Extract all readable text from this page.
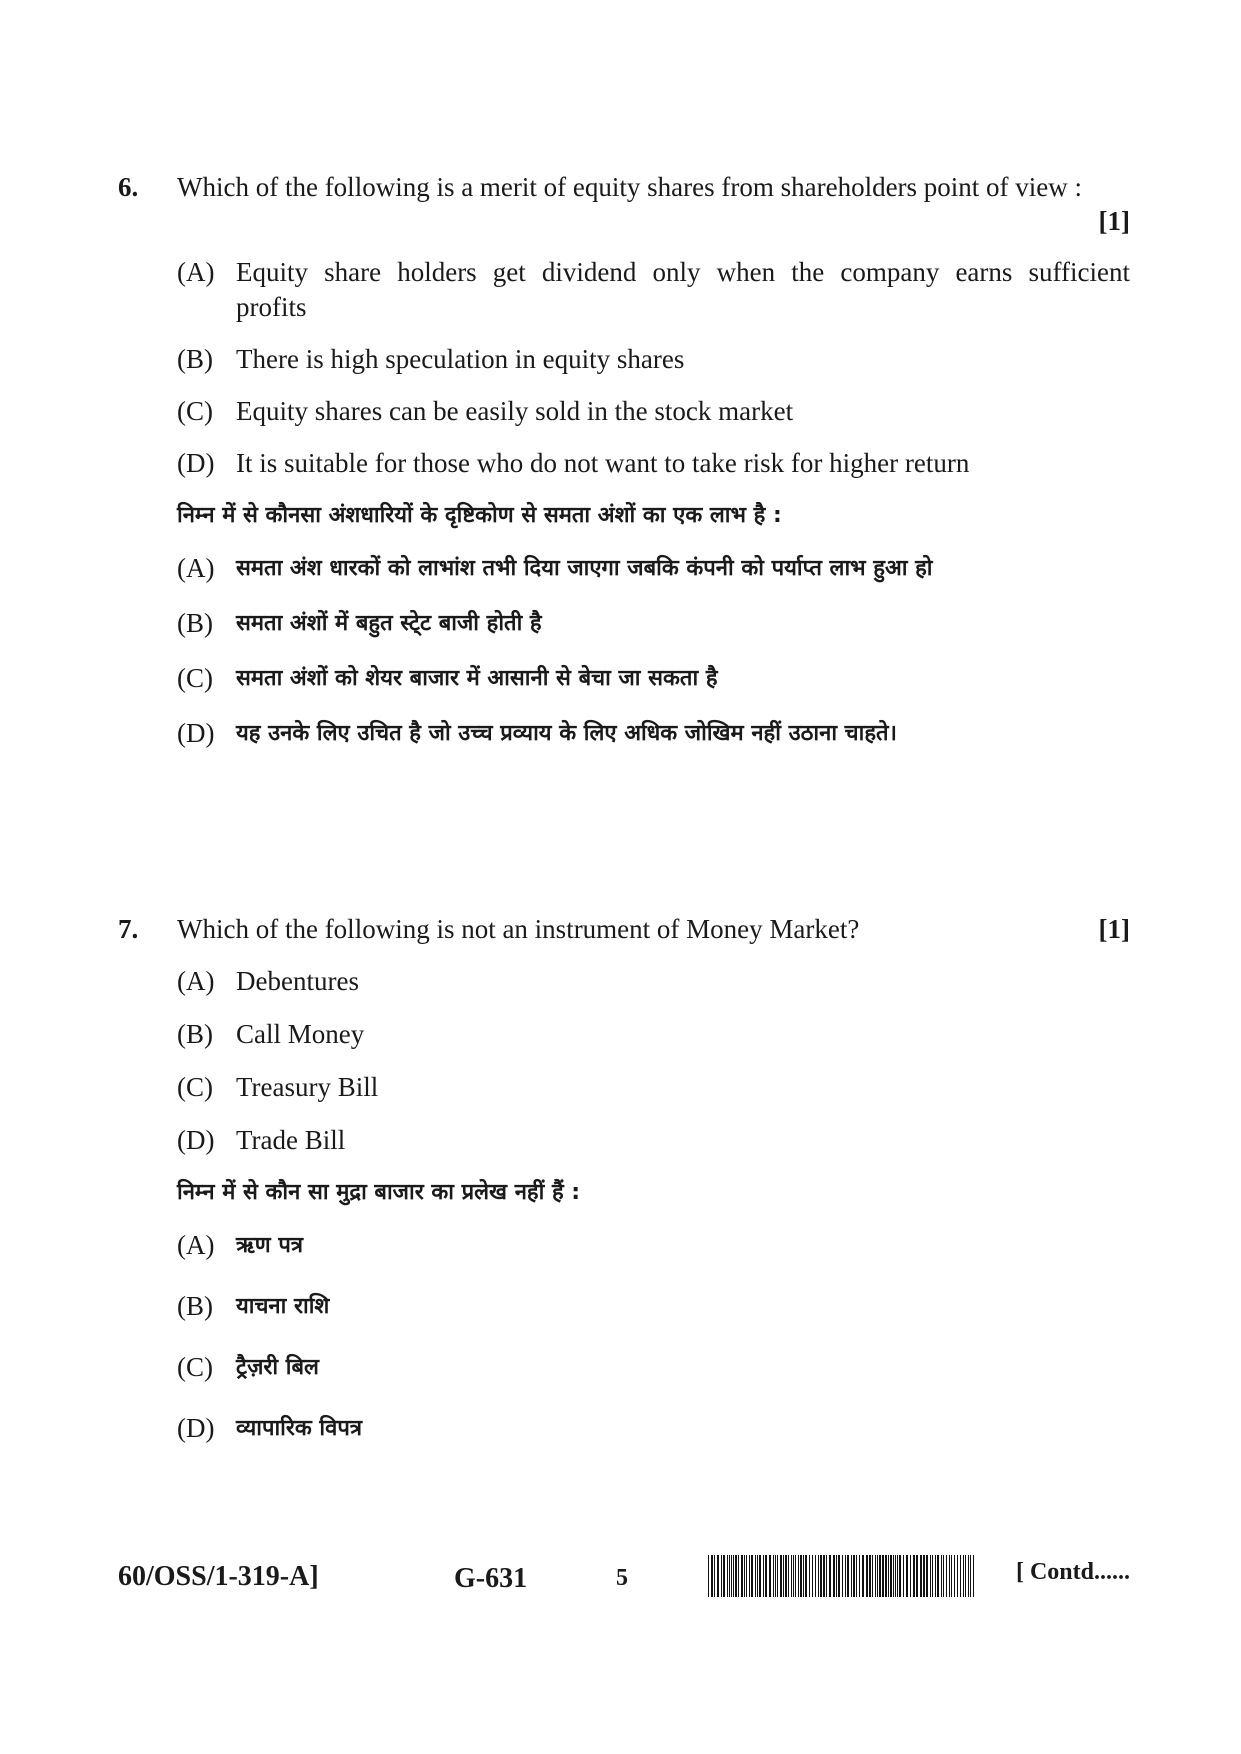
6.	Which of the following is a merit of equity shares from shareholders point of view :
[1]
(A) Equity share holders get dividend only when the company earns sufficient
profits
(B) There is high speculation in equity shares
(C) Equity shares can be easily sold in the stock market
(D) It is suitable for those who do not want to take risk for higher return
निम्न में से कौनसा अंशधारियों के दृष्टिकोण से समता अंशों का एक लाभ है :
(A) समता अंश धारकों को लाभांश तभी दिया जाएगा जबकि कंपनी को पर्याप्त लाभ हुआ हो
(B)	समता अंशों में बहुत स्टे्ट बाजी होती है
(C)	समता अंशों को शेयर बाजार में आसानी से बेचा जा सकता है
(D) यह उनके लिए उचित है जो उच्च प्रव्याय के लिए अधिक जोखिम नहीं उठाना चाहते।
7.	Which of the following is not an instrument of Money Market?	[1]
(A) Debentures
(B) Call Money
(C) Treasury Bill
(D) Trade Bill
निम्न में से कौन सा मुद्रा बाजार का प्रलेख नहीं हैं :
(A) ऋण पत्र
(B)	याचना राशि
(C)	ट्रैज़री बिल
(D) व्यापारिक विपत्र
60/OSS/1-319-A]	G-631	5	[ Contd......
